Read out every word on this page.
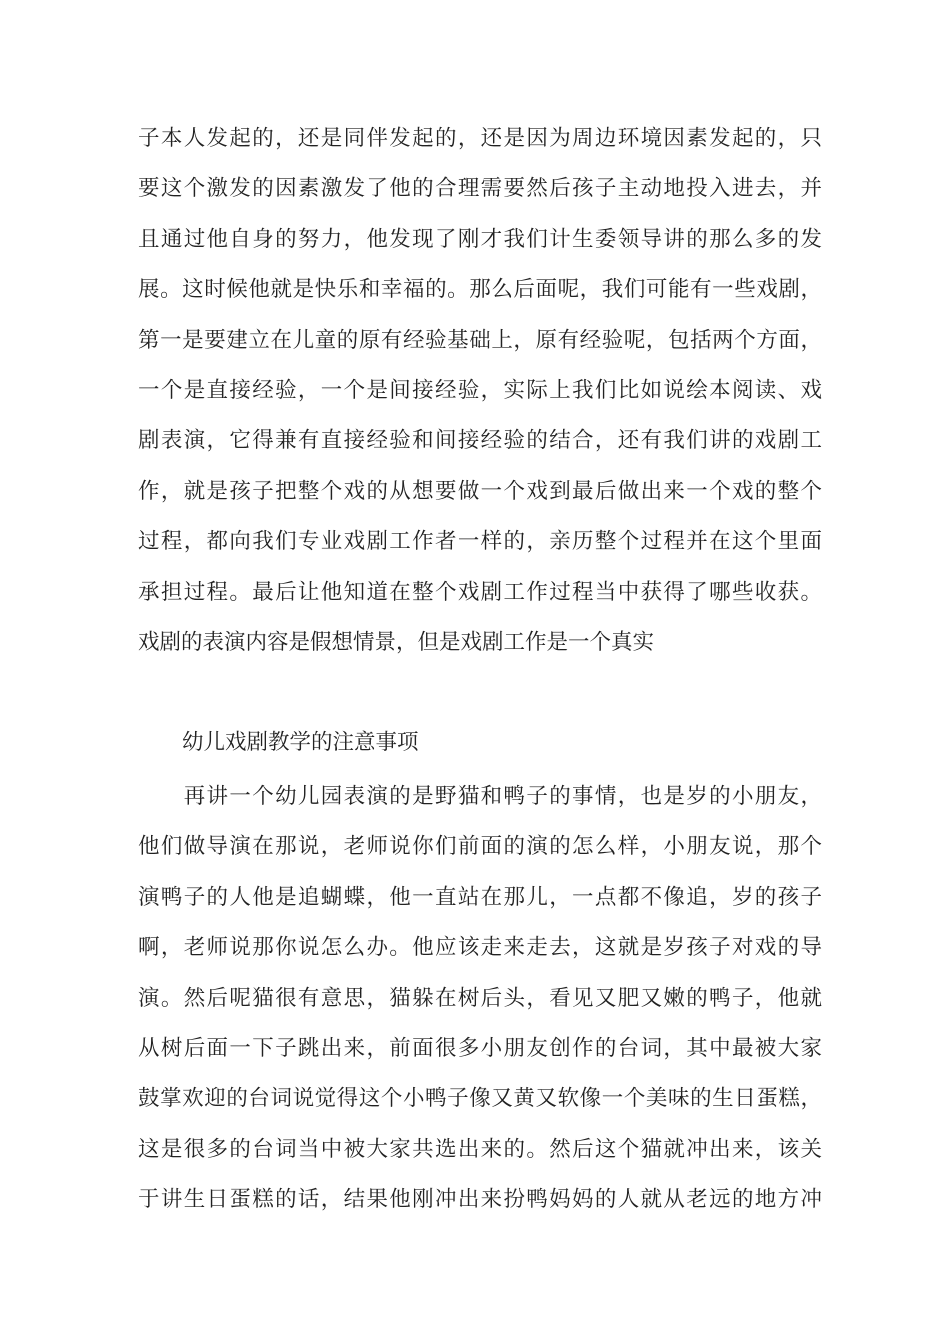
子本人发起的，还是同伴发起的，还是因为周边环境因素发起的，只
要这个激发的因素激发了他的合理需要然后孩子主动地投入进去，并
且通过他自身的努力，他发现了刚才我们计生委领导讲的那么多的发
展。这时候他就是快乐和幸福的。那么后面呢，我们可能有一些戏剧，
第一是要建立在儿童的原有经验基础上，原有经验呢，包括两个方面，
一个是直接经验，一个是间接经验，实际上我们比如说绘本阅读、戏
剧表演，它得兼有直接经验和间接经验的结合，还有我们讲的戏剧工
作，就是孩子把整个戏的从想要做一个戏到最后做出来一个戏的整个
过程，都向我们专业戏剧工作者一样的，亲历整个过程并在这个里面
承担过程。最后让他知道在整个戏剧工作过程当中获得了哪些收获。
戏剧的表演内容是假想情景，但是戏剧工作是一个真实
幼儿戏剧教学的注意事项
　　再讲一个幼儿园表演的是野猫和鸭子的事情，也是岁的小朋友，
他们做导演在那说，老师说你们前面的演的怎么样，小朋友说，那个
演鸭子的人他是追蝴蝶，他一直站在那儿，一点都不像追，岁的孩子
啊，老师说那你说怎么办。他应该走来走去，这就是岁孩子对戏的导
演。然后呢猫很有意思，猫躲在树后头，看见又肥又嫩的鸭子，他就
从树后面一下子跳出来，前面很多小朋友创作的台词，其中最被大家
鼓掌欢迎的台词说觉得这个小鸭子像又黄又软像一个美味的生日蛋糕，
这是很多的台词当中被大家共选出来的。然后这个猫就冲出来，该关
于讲生日蛋糕的话，结果他刚冲出来扮鸭妈妈的人就从老远的地方冲
